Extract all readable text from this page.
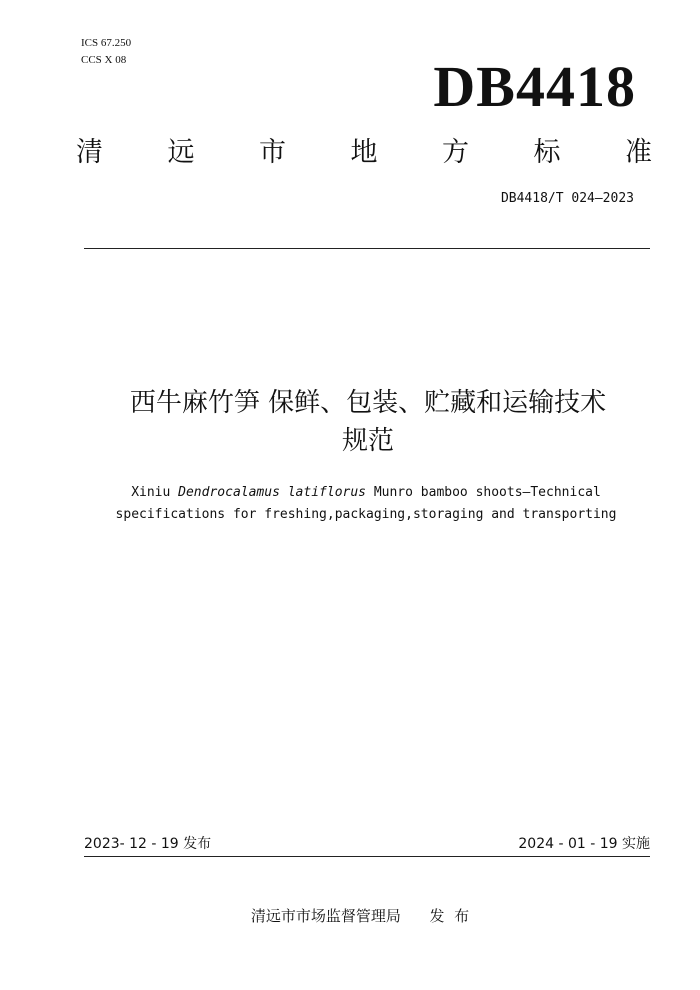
ICS 67.250
CCS X 08	DB4418
清 远 市 地 方 标 准
DB4418/T 024—2023
西牛麻竹笋 保鲜、包装、贮藏和运输技术
规范
Xiniu Dendrocalamus latiflorus Munro bamboo shoots—Technical
specifications for freshing,packaging,storaging and transporting
2023- 12 - 19 发布	2024 - 01 - 19 实施
清远市市场监督管理局      发  布
